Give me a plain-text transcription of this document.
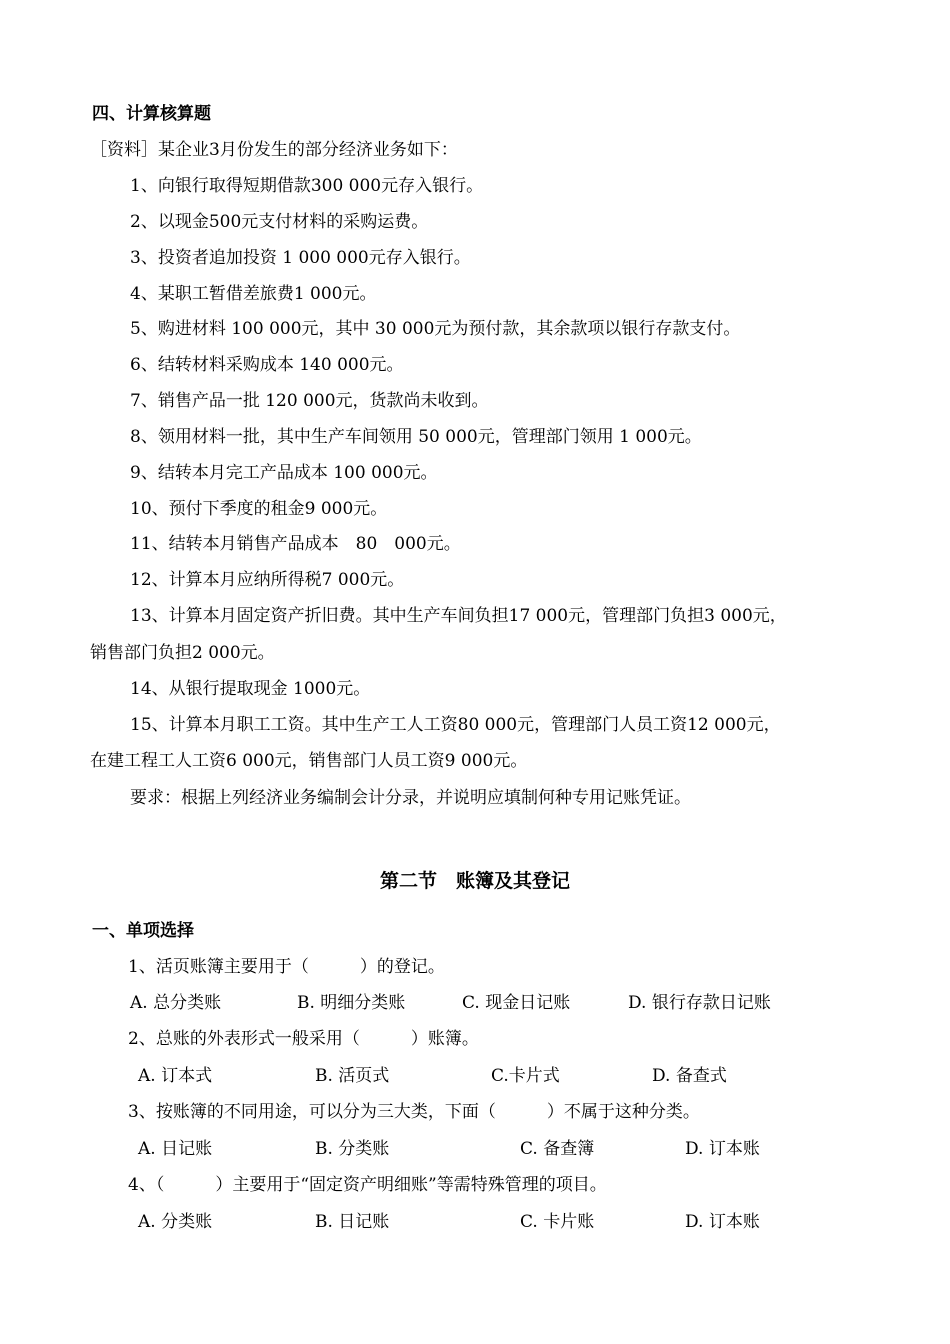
四、计算核算题
［资料］某企业3月份发生的部分经济业务如下：
1、向银行取得短期借款300 000元存入银行。
2、以现金500元支付材料的采购运费。
3、投资者追加投资 1 000 000元存入银行。
4、某职工暂借差旅费1 000元。
5、购进材料 100 000元，其中 30 000元为预付款，其余款项以银行存款支付。
6、结转材料采购成本 140 000元。
7、销售产品一批 120 000元，货款尚未收到。
8、领用材料一批，其中生产车间领用 50 000元，管理部门领用 1 000元。
9、结转本月完工产品成本 100 000元。
10、预付下季度的租金9 000元。
11、结转本月销售产品成本　80　000元。
12、计算本月应纳所得税7 000元。
13、计算本月固定资产折旧费。其中生产车间负担17 000元，管理部门负担3 000元，
销售部门负担2 000元。
14、从银行提取现金 1000元。
15、计算本月职工工资。其中生产工人工资80 000元，管理部门人员工资12 000元，
在建工程工人工资6 000元，销售部门人员工资9 000元。
要求：根据上列经济业务编制会计分录，并说明应填制何种专用记账凭证。
第二节　账簿及其登记
一、单项选择
1、活页账簿主要用于（　　　）的登记。
A. 总分类账	B. 明细分类账	C. 现金日记账	D. 银行存款日记账
2、总账的外表形式一般采用（　　　）账簿。
A. 订本式	B. 活页式	C.卡片式	D. 备查式
3、按账簿的不同用途，可以分为三大类，下面（　　　）不属于这种分类。
A. 日记账	B. 分类账	C. 备查簿	D. 订本账
4、（　　　）主要用于“固定资产明细账”等需特殊管理的项目。
A. 分类账	B. 日记账	C. 卡片账	D. 订本账
